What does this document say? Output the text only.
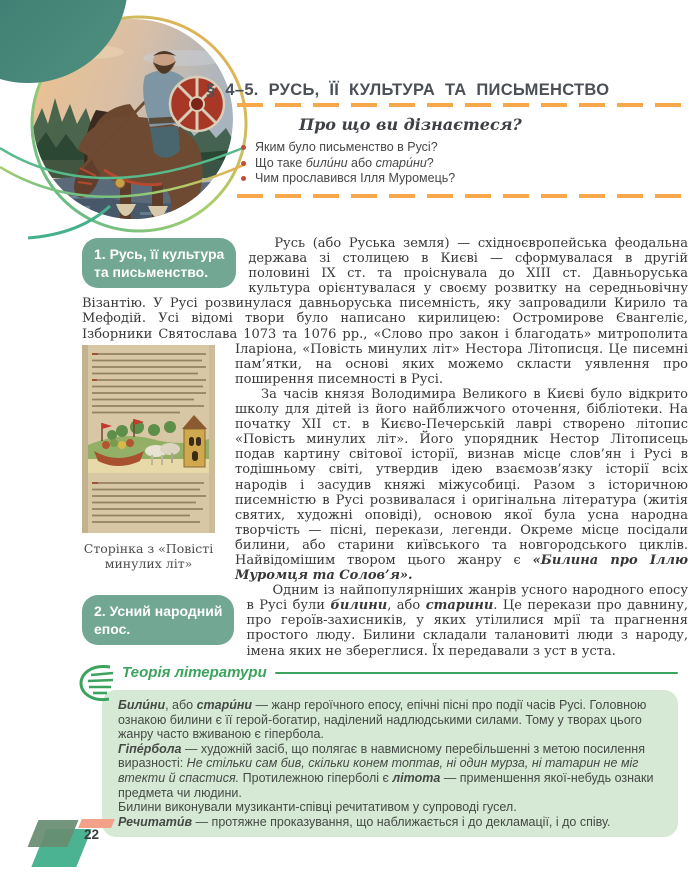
§ 4–5. РУСЬ, ЇЇ КУЛЬТУРА ТА ПИСЬМЕНСТВО
Про що ви дізнаєтеся?
Яким було письменство в Русі?
Що таке били́ни або стари́ни?
Чим прославився Ілля Муромець?
1. Русь, її культура
та письменство.

Русь (або Руська земля) — східноєвропейська феодальна держава зі столицею в Києві — сформувалася в другій половині IX ст. та проіснувала до XIII ст. Давньоруська культура орієнтувалася у своєму розвитку на середньовічну Візантію. У Русі розвинулася давньоруська писемність, яку запровадили Кирило та Мефодій. Усі відомі твори було написано кирилицею: Остромирове Євангеліє, Ізборники Святослава 1073 та 1076 рр., «Слово про закон і благодать» митрополита Іларіона, «Повість минулих літ» Нестора
Сторінка з «Повісті
минулих літ»
Літописця. Це писемні пам’ятки, на основі яких можемо скласти уявлення про поширення писемності в Русі.

За часів князя Володимира Великого в Києві було відкрито школу для дітей із його найближчого оточення, бібліотеки. На початку XII ст. в Києво-Печерській лаврі створено літопис «Повість минулих літ». Його упорядник Нестор Літописець подав картину світової історії, визнав місце слов’ян і Русі в тодішньому світі, утвердив ідею взаємозв’язку історії всіх народів і засудив княжі міжусобиці. Разом з історичною писемністю в Русі розвивалася і оригінальна література (житія святих, художні оповіді), основою якої була усна народна творчість — пісні, перекази, легенди. Окреме місце посідали билини, або старини київського та новгородського циклів. Найвідомішим твором цього жанру є «Билина про Іллю Муромця та Солов’я».

2. Усний народний
епос.

Одним із найпопулярніших жанрів усного народного епосу в Русі були билини, або старини. Це перекази про давнину, про героїв-захисників, у яких утілилися мрії та прагнення простого люду. Билини складали талановиті люди з народу, імена яких не збереглися. Їх передавали з уст в уста.

Теорія літератури

Били́ни, або стари́ни — жанр героїчного епосу, епічні пісні про події часів Русі. Головною ознакою билини є її герой-богатир, наділений надлюдськими силами. Тому у творах цього жанру часто вживаною є гіпербола.

Гіпе́рбола — художній засіб, що полягає в навмисному перебільшенні з метою посилення виразності: Не стільки сам бив, скільки конем топтав, ні один мурза, ні татарин не міг втекти й спастися. Протилежною гіперболі є літота — применшення якої-небудь ознаки предмета чи людини.

Билини виконували музиканти-співці речитативом у супроводі гусел.

Речитати́в — протяжне проказування, що наближається і до декламації, і до співу.

22
